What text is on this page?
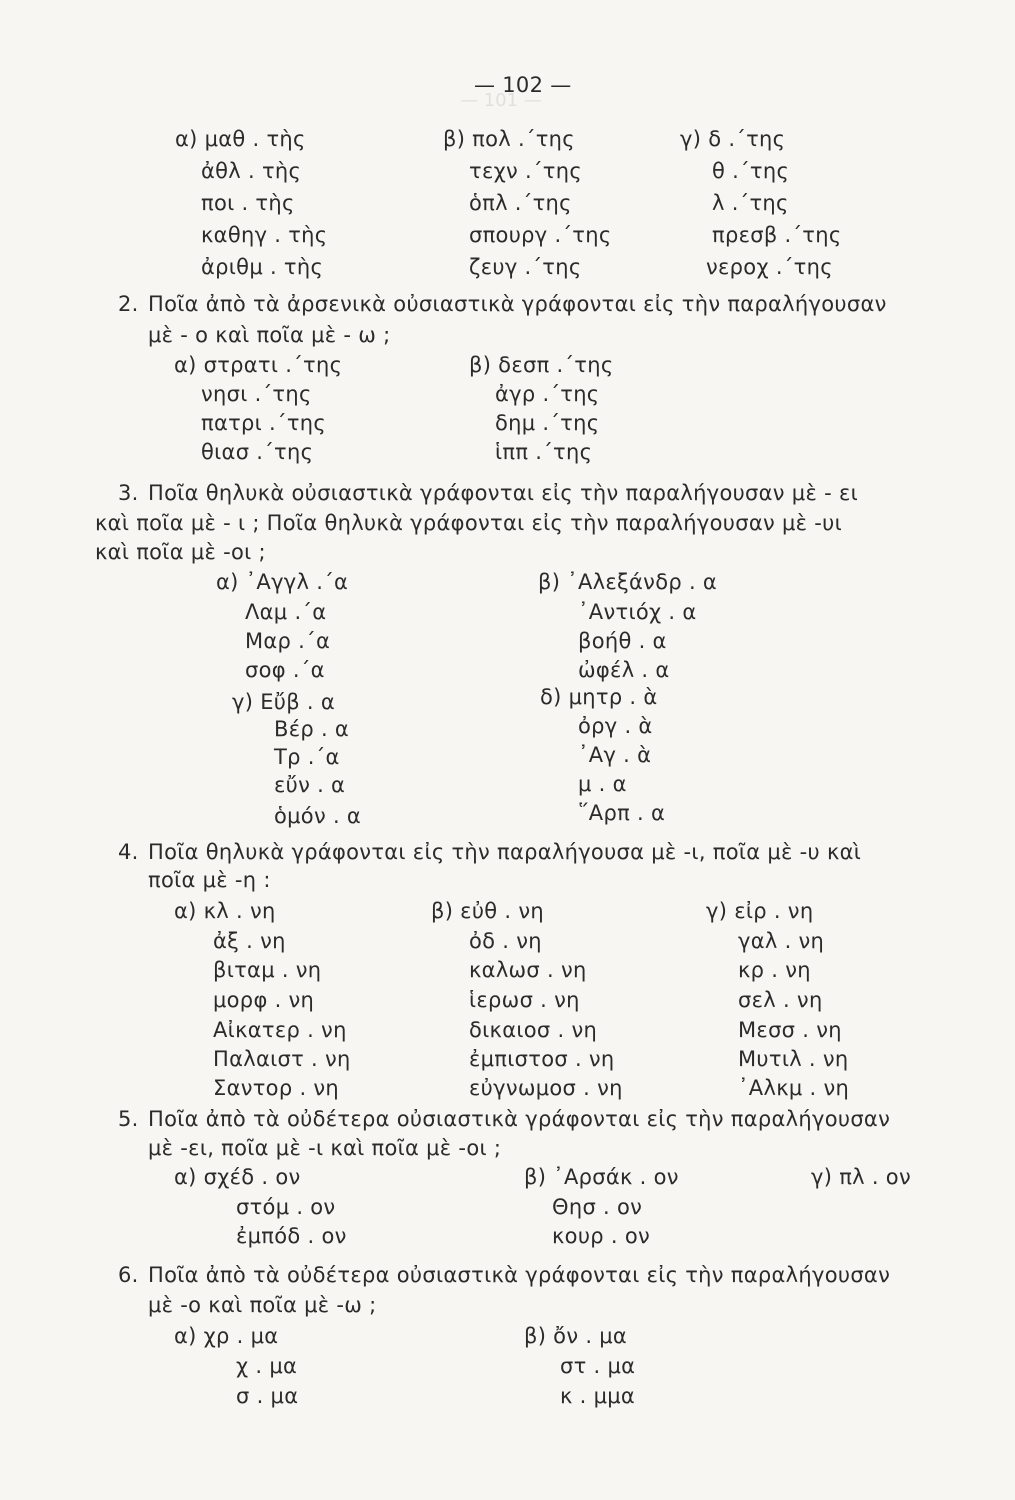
— 101 —
— 102 —
α) μαθ . τὴς
ἀθλ . τὴς
ποι . τὴς
καθηγ . τὴς
ἀριθμ . τὴς
β) πολ .΄της
τεχν .΄της
ὁπλ .΄της
σπουργ .΄της
ζευγ .΄της
γ) δ .΄της
θ .΄της
λ .΄της
πρεσβ .΄της
νεροχ .΄της
2. Ποῖα ἀπὸ τὰ ἀρσενικὰ οὐσιαστικὰ γράφονται εἰς τὴν παραλήγουσαν
μὲ - ο καὶ ποῖα μὲ - ω ;
α) στρατι .΄της
νησι .΄της
πατρι .΄της
θιασ .΄της
β) δεσπ .΄της
ἀγρ .΄της
δημ .΄της
ἱππ .΄της
3. Ποῖα θηλυκὰ οὐσιαστικὰ γράφονται εἰς τὴν παραλήγουσαν μὲ - ει
καὶ ποῖα μὲ - ι ; Ποῖα θηλυκὰ γράφονται εἰς τὴν παραλήγουσαν μὲ -υι
καὶ ποῖα μὲ -οι ;
α) ᾿Αγγλ .΄α
Λαμ .΄α
Μαρ .΄α
σοφ .΄α
β) ᾿Αλεξάνδρ . α
᾿Αντιόχ . α
βοήθ . α
ὠφέλ . α
γ) Εὔβ . α
Βέρ . α
Τρ .΄α
εὔν . α
ὁμόν . α
δ) μητρ . ὰ
ὀργ . ὰ
᾿Αγ . ὰ
μ . α
῞Αρπ . α
4. Ποῖα θηλυκὰ γράφονται εἰς τὴν παραλήγουσα μὲ -ι, ποῖα μὲ -υ καὶ
ποῖα μὲ -η :
α) κλ . νη
ἀξ . νη
βιταμ . νη
μορφ . νη
Αἰκατερ . νη
Παλαιστ . νη
Σαντορ . νη
β) εὐθ . νη
ὀδ . νη
καλωσ . νη
ἱερωσ . νη
δικαιοσ . νη
ἐμπιστοσ . νη
εὐγνωμοσ . νη
γ) εἰρ . νη
γαλ . νη
κρ . νη
σελ . νη
Μεσσ . νη
Μυτιλ . νη
᾿Αλκμ . νη
5. Ποῖα ἀπὸ τὰ οὐδέτερα οὐσιαστικὰ γράφονται εἰς τὴν παραλήγουσαν
μὲ -ει, ποῖα μὲ -ι καὶ ποῖα μὲ -οι ;
α) σχέδ . ον
στόμ . ον
ἐμπόδ . ον
β) ᾿Αρσάκ . ον
Θησ . ον
κουρ . ον
γ) πλ . ον
6. Ποῖα ἀπὸ τὰ οὐδέτερα οὐσιαστικὰ γράφονται εἰς τὴν παραλήγουσαν
μὲ -ο καὶ ποῖα μὲ -ω ;
α) χρ . μα
χ . μα
σ . μα
β) ὄν . μα
στ . μα
κ . μμα
